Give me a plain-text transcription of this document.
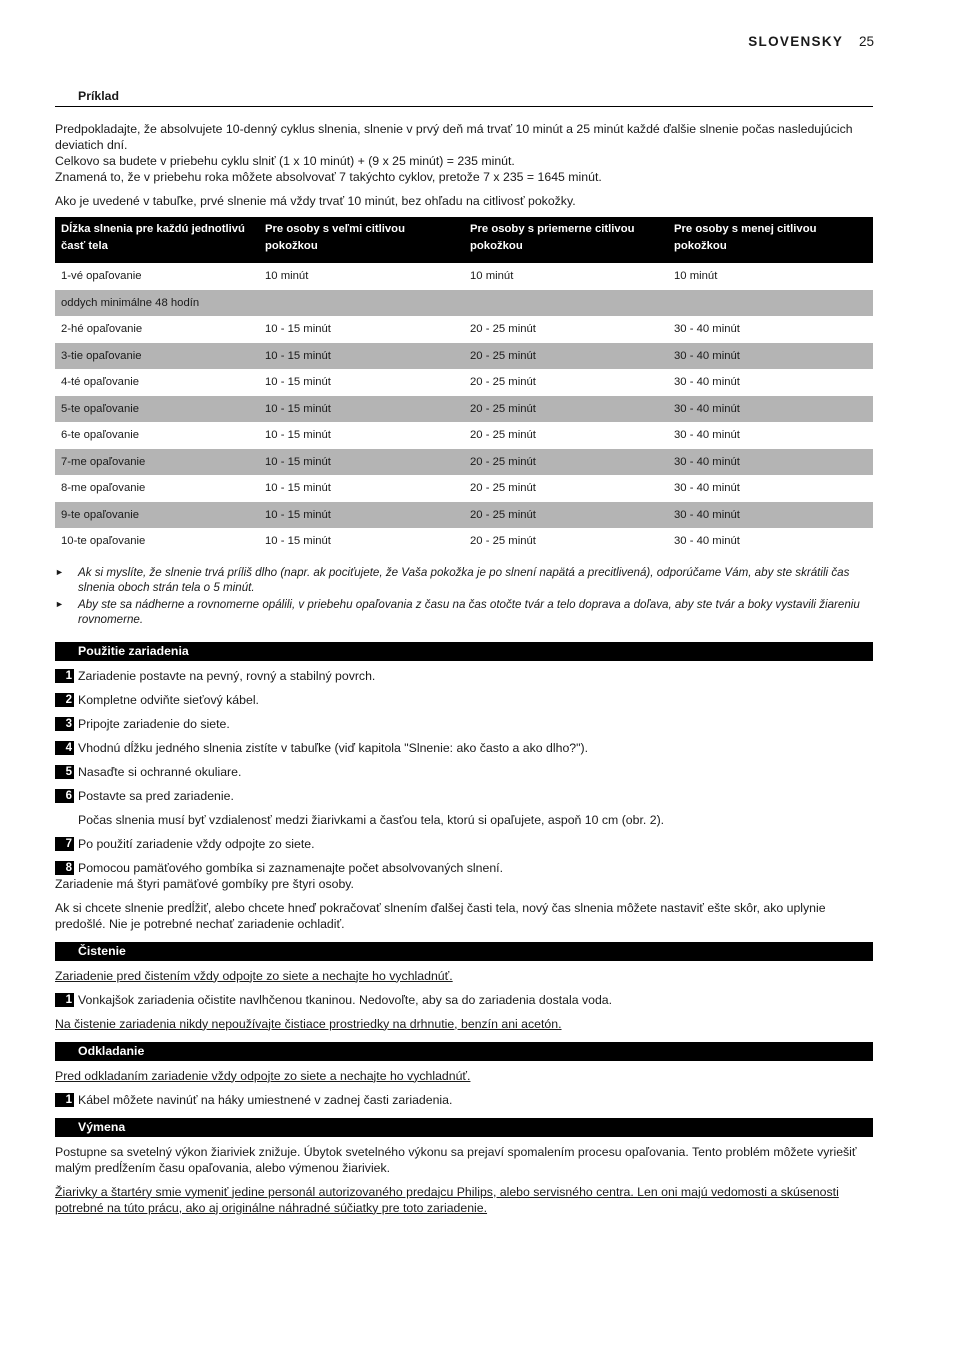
SLOVENSKY 25
Príklad
Predpokladajte, že absolvujete 10-denný cyklus slnenia, slnenie v prvý deň má trvať 10 minút a 25 minút každé ďalšie slnenie počas nasledujúcich deviatich dní.
Celkovo sa budete v priebehu cyklu slniť (1 x 10 minút) + (9 x 25 minút) = 235 minút.
Znamená to, že v priebehu roka môžete absolvovať 7 takýchto cyklov, pretože 7 x 235 = 1645 minút.
Ako je uvedené v tabuľke, prvé slnenie má vždy trvať 10 minút, bez ohľadu na citlivosť pokožky.
Dĺžka slnenia pre každú jednotlivú časť tela	Pre osoby s veľmi citlivou pokožkou	Pre osoby s priemerne citlivou pokožkou	Pre osoby s menej citlivou pokožkou
1-vé opaľovanie	10 minút	10 minút	10 minút
oddych minimálne 48 hodín			
2-hé opaľovanie	10 - 15 minút	20 - 25 minút	30 - 40 minút
3-tie opaľovanie	10 - 15 minút	20 - 25 minút	30 - 40 minút
4-té opaľovanie	10 - 15 minút	20 - 25 minút	30 - 40 minút
5-te opaľovanie	10 - 15 minút	20 - 25 minút	30 - 40 minút
6-te opaľovanie	10 - 15 minút	20 - 25 minút	30 - 40 minút
7-me opaľovanie	10 - 15 minút	20 - 25 minút	30 - 40 minút
8-me opaľovanie	10 - 15 minút	20 - 25 minút	30 - 40 minút
9-te opaľovanie	10 - 15 minút	20 - 25 minút	30 - 40 minút
10-te opaľovanie	10 - 15 minút	20 - 25 minút	30 - 40 minút
► Ak si myslíte, že slnenie trvá príliš dlho (napr. ak pociťujete, že Vaša pokožka je po slnení napätá a precitlivená), odporúčame Vám, aby ste skrátili čas slnenia oboch strán tela o 5 minút.
► Aby ste sa nádherne a rovnomerne opálili, v priebehu opaľovania z času na čas otočte tvár a telo doprava a doľava, aby ste tvár a boky vystavili žiareniu rovnomerne.
Použitie zariadenia
1 Zariadenie postavte na pevný, rovný a stabilný povrch.
2 Kompletne odviňte sieťový kábel.
3 Pripojte zariadenie do siete.
4 Vhodnú dĺžku jedného slnenia zistíte v tabuľke (viď kapitola "Slnenie: ako často a ako dlho?").
5 Nasaďte si ochranné okuliare.
6 Postavte sa pred zariadenie.
Počas slnenia musí byť vzdialenosť medzi žiarivkami a časťou tela, ktorú si opaľujete, aspoň 10 cm (obr. 2).
7 Po použití zariadenie vždy odpojte zo siete.
8 Pomocou pamäťového gombíka si zaznamenajte počet absolvovaných slnení.
Zariadenie má štyri pamäťové gombíky pre štyri osoby.
Ak si chcete slnenie predĺžiť, alebo chcete hneď pokračovať slnením ďalšej časti tela, nový čas slnenia môžete nastaviť ešte skôr, ako uplynie predošlé. Nie je potrebné nechať zariadenie ochladiť.
Čistenie
Zariadenie pred čistením vždy odpojte zo siete a nechajte ho vychladnúť.
1 Vonkajšok zariadenia očistite navlhčenou tkaninou. Nedovoľte, aby sa do zariadenia dostala voda.
Na čistenie zariadenia nikdy nepoužívajte čistiace prostriedky na drhnutie, benzín ani acetón.
Odkladanie
Pred odkladaním zariadenie vždy odpojte zo siete a nechajte ho vychladnúť.
1 Kábel môžete navinúť na háky umiestnené v zadnej časti zariadenia.
Výmena
Postupne sa svetelný výkon žiariviek znižuje. Úbytok svetelného výkonu sa prejaví spomalením procesu opaľovania. Tento problém môžete vyriešiť malým predĺžením času opaľovania, alebo výmenou žiariviek.
Žiarivky a štartéry smie vymeniť jedine personál autorizovaného predajcu Philips, alebo servisného centra. Len oni majú vedomosti a skúsenosti potrebné na túto prácu, ako aj originálne náhradné súčiatky pre toto zariadenie.
